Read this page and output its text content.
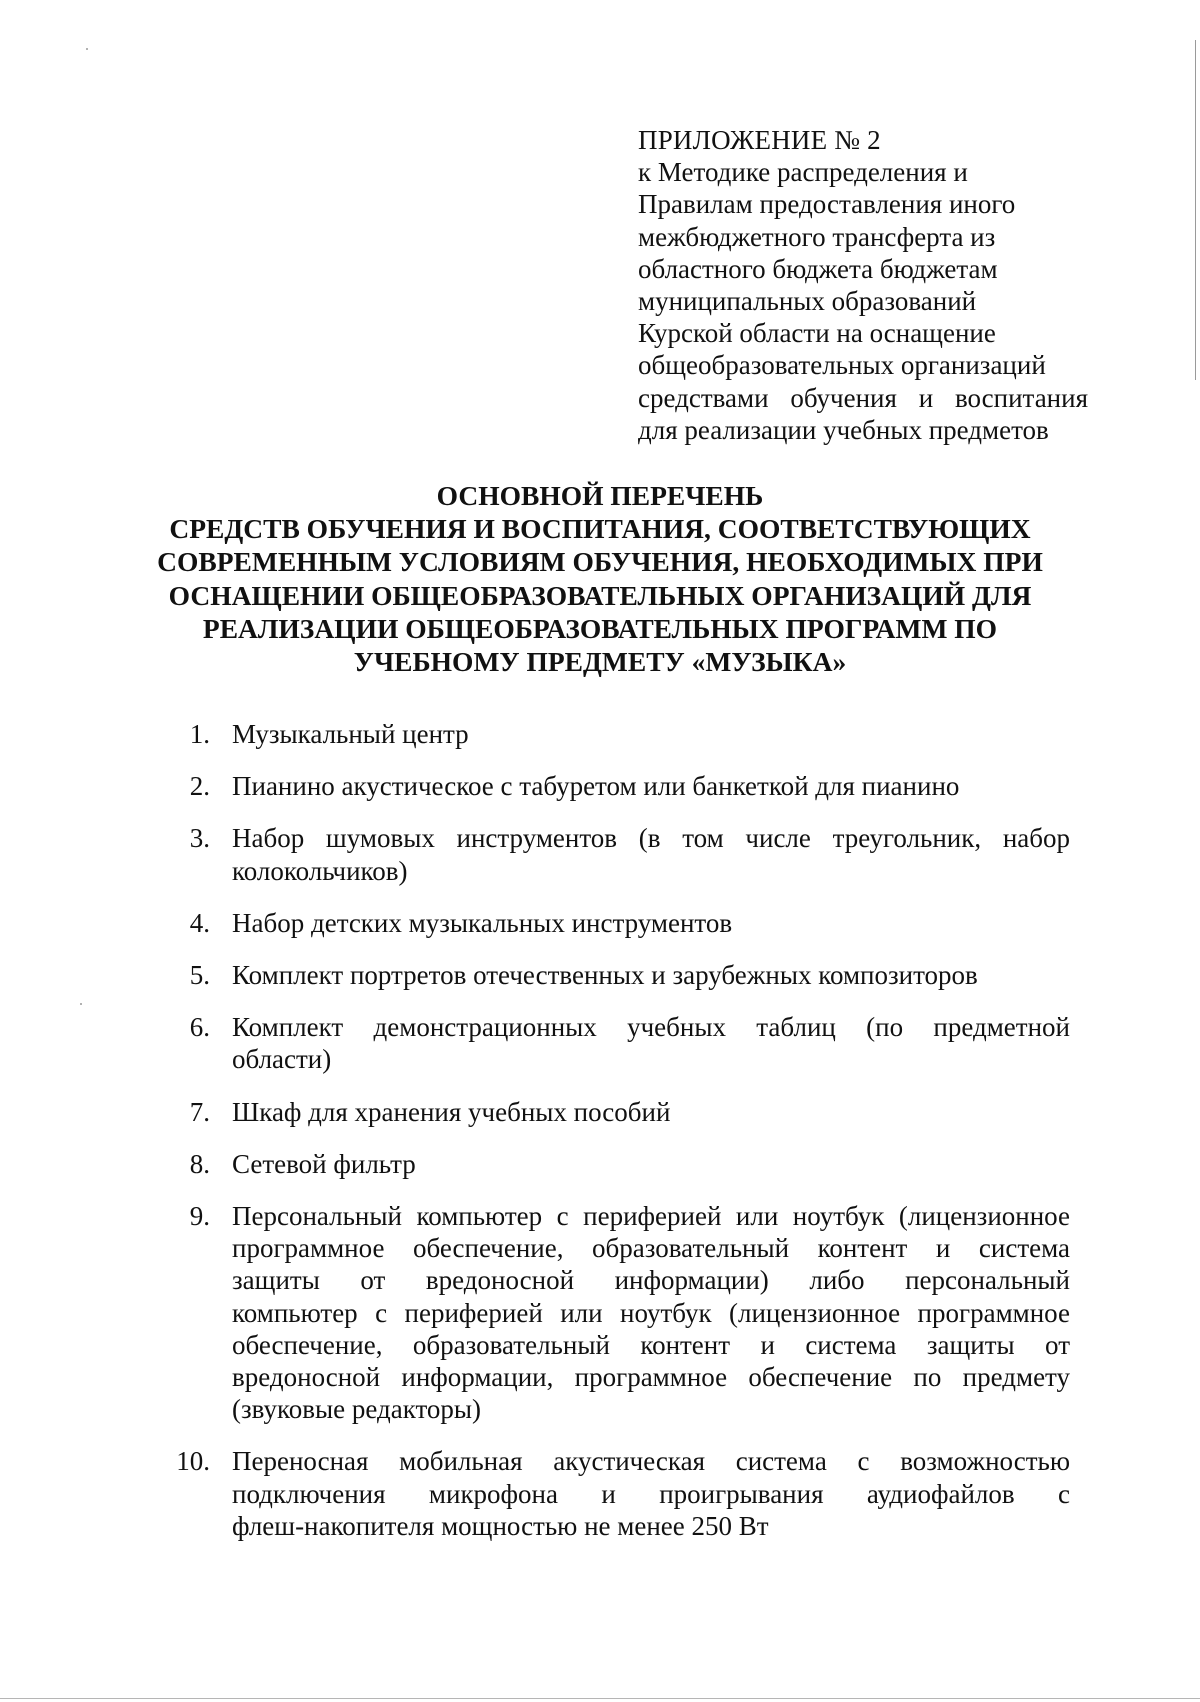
ПРИЛОЖЕНИЕ № 2
к Методике распределения и
Правилам предоставления иного
межбюджетного трансферта из
областного бюджета бюджетам
муниципальных образований
Курской области на оснащение
общеобразовательных организаций
средствами обучения и воспитания
для реализации учебных предметов
ОСНОВНОЙ ПЕРЕЧЕНЬ
СРЕДСТВ ОБУЧЕНИЯ И ВОСПИТАНИЯ, СООТВЕТСТВУЮЩИХ
СОВРЕМЕННЫМ УСЛОВИЯМ ОБУЧЕНИЯ, НЕОБХОДИМЫХ ПРИ
ОСНАЩЕНИИ ОБЩЕОБРАЗОВАТЕЛЬНЫХ ОРГАНИЗАЦИЙ ДЛЯ
РЕАЛИЗАЦИИ ОБЩЕОБРАЗОВАТЕЛЬНЫХ ПРОГРАММ ПО
УЧЕБНОМУ ПРЕДМЕТУ «МУЗЫКА»
1. Музыкальный центр
2. Пианино акустическое с табуретом или банкеткой для пианино
3. Набор шумовых инструментов (в том числе треугольник, набор
колокольчиков)
4. Набор детских музыкальных инструментов
5. Комплект портретов отечественных и зарубежных композиторов
6. Комплект демонстрационных учебных таблиц (по предметной
области)
7. Шкаф для хранения учебных пособий
8. Сетевой фильтр
9. Персональный компьютер с периферией или ноутбук (лицензионное
программное обеспечение, образовательный контент и система
защиты от вредоносной информации) либо персональный
компьютер с периферией или ноутбук (лицензионное программное
обеспечение, образовательный контент и система защиты от
вредоносной информации, программное обеспечение по предмету
(звуковые редакторы)
10. Переносная мобильная акустическая система с возможностью
подключения микрофона и проигрывания аудиофайлов с
флеш-накопителя мощностью не менее 250 Вт
